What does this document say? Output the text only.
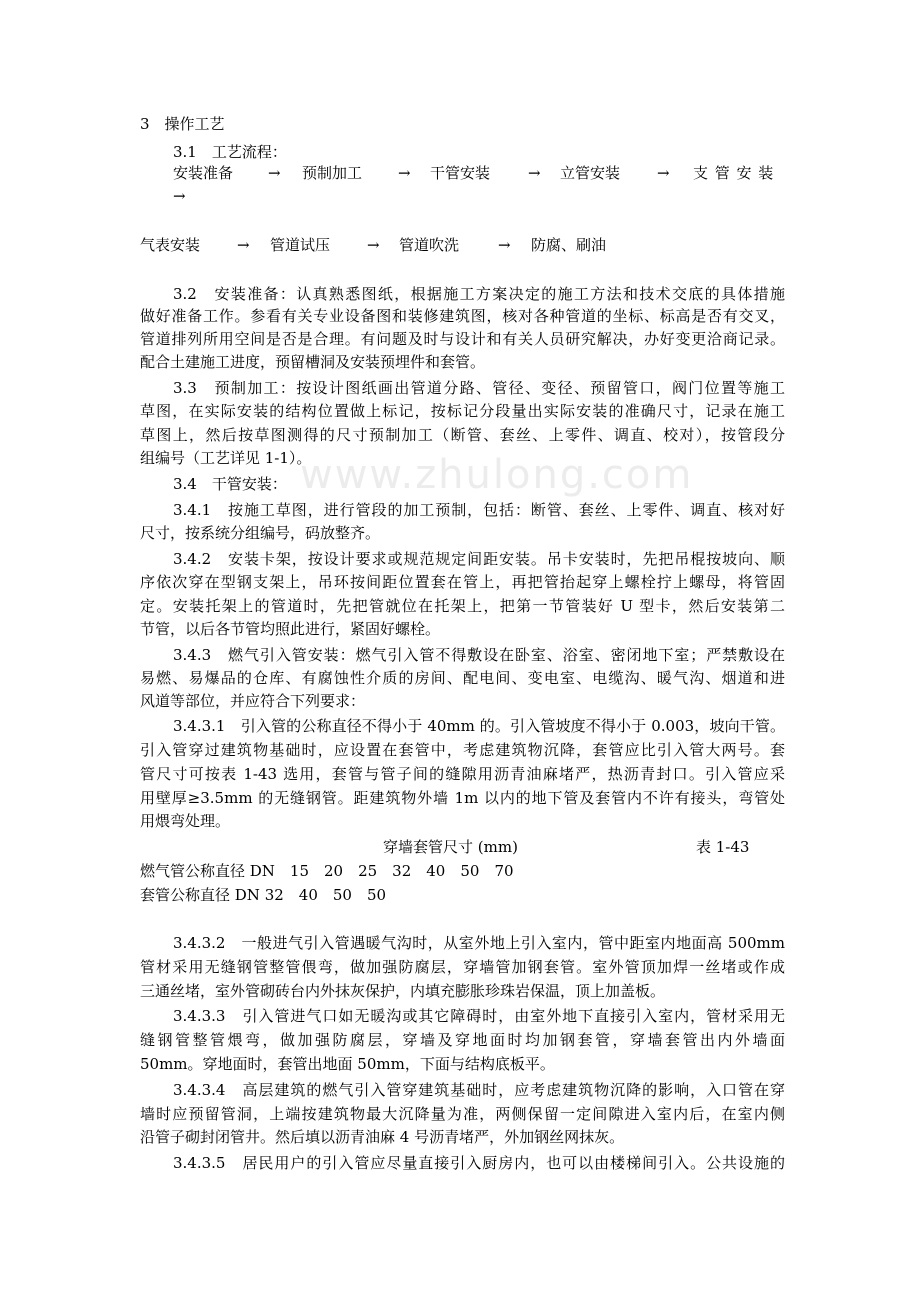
www.zhulong.com
3　操作工艺
3.1　工艺流程：
安装准备 → 预制加工 → 干管安装	→ 立管安装 → 支 管 安 装
→
气表安装 → 管道试压 → 管道吹洗	→ 防腐、刷油
3.2　安装准备：认真熟悉图纸，根据施工方案决定的施工方法和技术交底的具体措施
做好准备工作。参看有关专业设备图和装修建筑图，核对各种管道的坐标、标高是否有交叉，
管道排列所用空间是否是合理。有问题及时与设计和有关人员研究解决，办好变更洽商记录。
配合土建施工进度，预留槽洞及安装预埋件和套管。
3.3　预制加工：按设计图纸画出管道分路、管径、变径、预留管口，阀门位置等施工
草图，在实际安装的结构位置做上标记，按标记分段量出实际安装的准确尺寸，记录在施工
草图上，然后按草图测得的尺寸预制加工（断管、套丝、上零件、调直、校对），按管段分
组编号（工艺详见 1-1）。
3.4　干管安装：
3.4.1　按施工草图，进行管段的加工预制，包括：断管、套丝、上零件、调直、核对好
尺寸，按系统分组编号，码放整齐。
3.4.2　安装卡架，按设计要求或规范规定间距安装。吊卡安装时，先把吊棍按坡向、顺
序依次穿在型钢支架上，吊环按间距位置套在管上，再把管抬起穿上螺栓拧上螺母，将管固
定。安装托架上的管道时，先把管就位在托架上，把第一节管装好 U 型卡，然后安装第二
节管，以后各节管均照此进行，紧固好螺栓。
3.4.3　燃气引入管安装：燃气引入管不得敷设在卧室、浴室、密闭地下室；严禁敷设在
易燃、易爆品的仓库、有腐蚀性介质的房间、配电间、变电室、电缆沟、暖气沟、烟道和进
风道等部位，并应符合下列要求：
3.4.3.1　引入管的公称直径不得小于 40mm 的。引入管坡度不得小于 0.003，坡向干管。
引入管穿过建筑物基础时，应设置在套管中，考虑建筑物沉降，套管应比引入管大两号。套
管尺寸可按表 1-43 选用，套管与管子间的缝隙用沥青油麻堵严，热沥青封口。引入管应采
用壁厚≥3.5mm 的无缝钢管。距建筑物外墙 1m 以内的地下管及套管内不许有接头，弯管处
用煨弯处理。
穿墙套管尺寸 (mm)	表 1-43
燃气管公称直径 DN　15　20　25　32　40　50　70
套管公称直径 DN 32　40　50　50
3.4.3.2　一般进气引入管遇暖气沟时，从室外地上引入室内，管中距室内地面高 500mm
管材采用无缝钢管整管偎弯，做加强防腐层，穿墙管加钢套管。室外管顶加焊一丝堵或作成
三通丝堵，室外管砌砖台内外抹灰保护，内填充膨胀珍珠岩保温，顶上加盖板。
3.4.3.3　引入管进气口如无暖沟或其它障碍时，由室外地下直接引入室内，管材采用无
缝钢管整管煨弯，做加强防腐层，穿墙及穿地面时均加钢套管，穿墙套管出内外墙面
50mm。穿地面时，套管出地面 50mm，下面与结构底板平。
3.4.3.4　高层建筑的燃气引入管穿建筑基础时，应考虑建筑物沉降的影响，入口管在穿
墙时应预留管洞，上端按建筑物最大沉降量为准，两侧保留一定间隙进入室内后，在室内侧
沿管子砌封闭管井。然后填以沥青油麻 4 号沥青堵严，外加钢丝网抹灰。
3.4.3.5　居民用户的引入管应尽量直接引入厨房内，也可以由楼梯间引入。公共设施的
